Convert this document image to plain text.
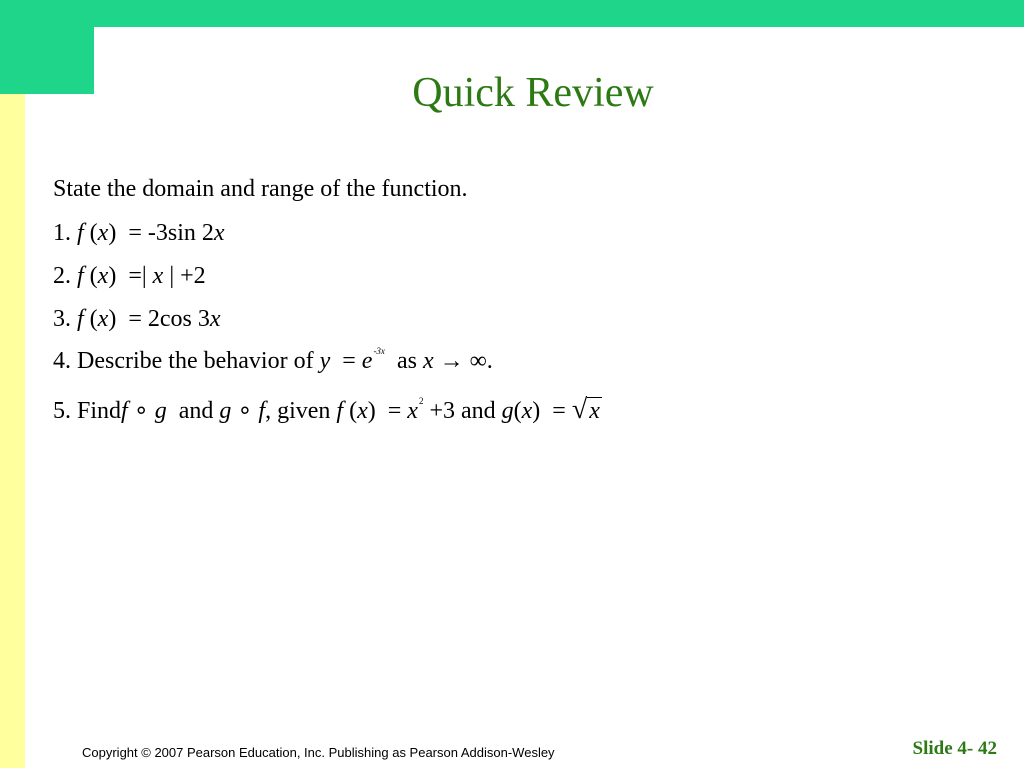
Quick Review
State the domain and range of the function.
1. f (x) = -3sin 2x
2. f (x) =| x | +2
3. f (x) = 2cos 3x
4. Describe the behavior of $y = e^{-3x}$ as x → ∞.
5. Findf ∘ g and g ∘ f, given f $(x) = x^2 +3$ and g(x) = √x
Copyright © 2007 Pearson Education, Inc. Publishing as Pearson Addison-Wesley	Slide 4- 42
